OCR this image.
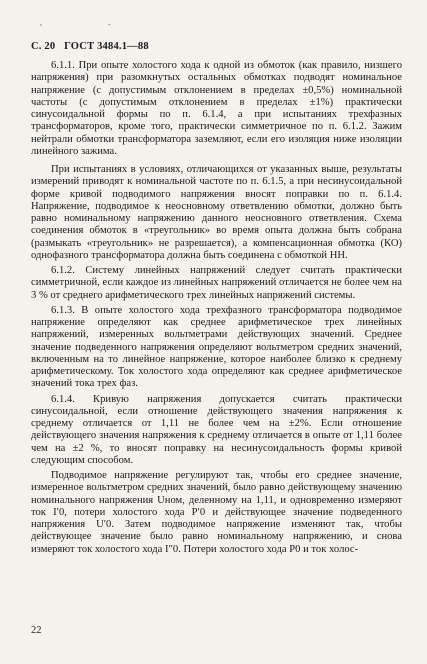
,	-
С. 20 ГОСТ 3484.1—88

6.1.1. При опыте холостого хода к одной из обмоток (как правило, низшего напряжения) при разомкнутых остальных обмотках подводят номинальное напряжение (с допустимым отклонением в пределах ±0,5%) номинальной частоты (с допустимым отклонением в пределах ±1%) практически синусоидальной формы по п. 6.1.4, а при испытаниях трехфазных трансформаторов, кроме того, практически симметричное по п. 6.1.2. Зажим нейтрали обмотки трансформатора заземляют, если его изоляция ниже изоляции линейного зажима.

При испытаниях в условиях, отличающихся от указанных выше, результаты измерений приводят к номинальной частоте по п. 6.1.5, а при несинусоидальной форме кривой подводимого напряжения вносят поправки по п. 6.1.4. Напряжение, подводимое к неосновному ответвлению обмотки, должно быть равно номинальному напряжению данного неосновного ответвления. Схема соединения обмоток в «треугольник» во время опыта должна быть собрана (размыкать «треугольник» не разрешается), а компенсационная обмотка (КО) однофазного трансформатора должна быть соединена с обмоткой НН.

6.1.2. Систему линейных напряжений следует считать практически симметричной, если каждое из линейных напряжений отличается не более чем на 3 % от среднего арифметического трех линейных напряжений системы.

6.1.3. В опыте холостого хода трехфазного трансформатора подводимое напряжение определяют как среднее арифметическое трех линейных напряжений, измеренных вольтметрами действующих значений. Среднее значение подведенного напряжения определяют вольтметром средних значений, включенным на то линейное напряжение, которое наиболее близко к среднему арифметическому. Ток холостого хода определяют как среднее арифметическое значений тока трех фаз.

6.1.4. Кривую напряжения допускается считать практически синусоидальной, если отношение действующего значения напряжения к среднему отличается от 1,11 не более чем на ±2%. Если отношение действующего значения напряжения к среднему отличается в опыте от 1,11 более чем на ±2 %, то вносят поправку на несинусоидальность формы кривой следующим способом.

Подводимое напряжение регулируют так, чтобы его среднее значение, измеренное вольтметром средних значений, было равно действующему значению номинального напряжения Uном, деленному на 1,11, и одновременно измеряют ток I′0, потери холостого хода P′0 и действующее значение подведенного напряжения U′0. Затем подводимое напряжение изменяют так, чтобы действующее значение было равно номинальному напряжению, и снова измеряют ток холостого хода I″0. Потери холостого хода P0 и ток холос-

22
